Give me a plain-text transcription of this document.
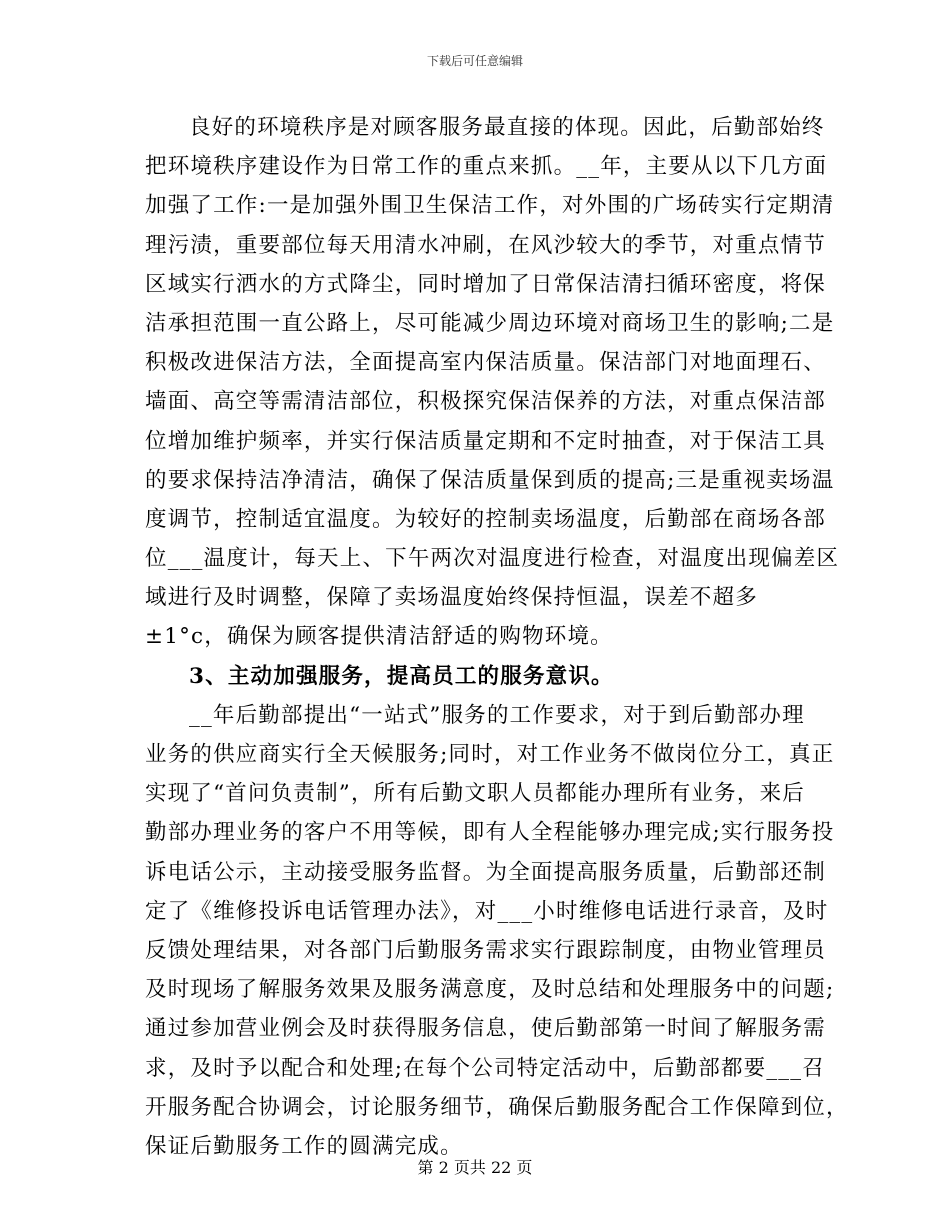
下载后可任意编辑
良好的环境秩序是对顾客服务最直接的体现。因此，后勤部始终
把环境秩序建设作为日常工作的重点来抓。__年，主要从以下几方面
加强了工作:一是加强外围卫生保洁工作，对外围的广场砖实行定期清
理污渍，重要部位每天用清水冲刷，在风沙较大的季节，对重点情节
区域实行洒水的方式降尘，同时增加了日常保洁清扫循环密度，将保
洁承担范围一直公路上，尽可能减少周边环境对商场卫生的影响;二是
积极改进保洁方法，全面提高室内保洁质量。保洁部门对地面理石、
墙面、高空等需清洁部位，积极探究保洁保养的方法，对重点保洁部
位增加维护频率，并实行保洁质量定期和不定时抽查，对于保洁工具
的要求保持洁净清洁，确保了保洁质量保到质的提高;三是重视卖场温
度调节，控制适宜温度。为较好的控制卖场温度，后勤部在商场各部
位___温度计，每天上、下午两次对温度进行检查，对温度出现偏差区
域进行及时调整，保障了卖场温度始终保持恒温，误差不超多
±1°c，确保为顾客提供清洁舒适的购物环境。
3、主动加强服务，提高员工的服务意识。
__年后勤部提出“一站式”服务的工作要求，对于到后勤部办理
业务的供应商实行全天候服务;同时，对工作业务不做岗位分工，真正
实现了“首问负责制”，所有后勤文职人员都能办理所有业务，来后
勤部办理业务的客户不用等候，即有人全程能够办理完成;实行服务投
诉电话公示，主动接受服务监督。为全面提高服务质量，后勤部还制
定了《维修投诉电话管理办法》，对___小时维修电话进行录音，及时
反馈处理结果，对各部门后勤服务需求实行跟踪制度，由物业管理员
及时现场了解服务效果及服务满意度，及时总结和处理服务中的问题;
通过参加营业例会及时获得服务信息，使后勤部第一时间了解服务需
求，及时予以配合和处理;在每个公司特定活动中，后勤部都要___召
开服务配合协调会，讨论服务细节，确保后勤服务配合工作保障到位，
保证后勤服务工作的圆满完成。
第 2 页共 22 页
